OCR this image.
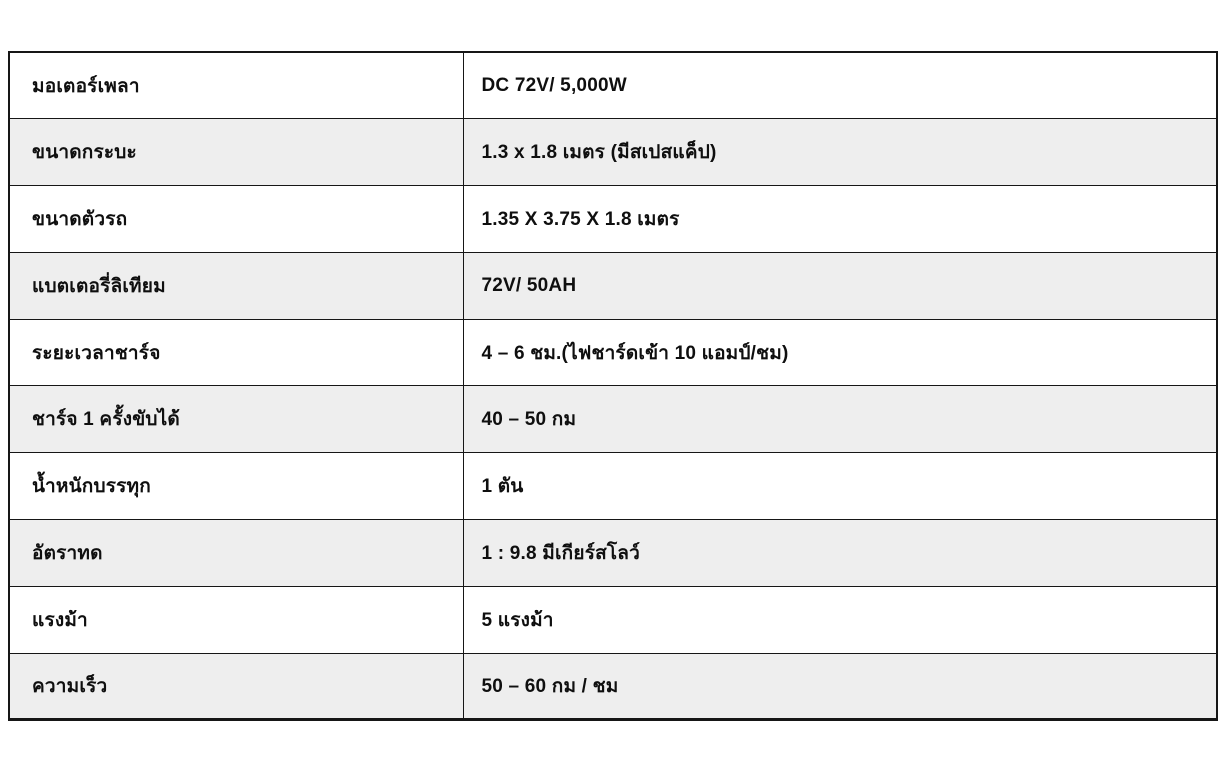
มอเตอร์เพลา	DC 72V/ 5,000W
ขนาดกระบะ	1.3 x 1.8 เมตร (มีสเปสแค็ป)
ขนาดตัวรถ	1.35 X 3.75 X 1.8 เมตร
แบตเตอรี่ลิเทียม	72V/ 50AH
ระยะเวลาชาร์จ	4 – 6 ชม.(ไฟชาร์ดเข้า 10 แอมป์/ชม)
ชาร์จ 1 ครั้งขับได้	40 – 50 กม
น้ำหนักบรรทุก	1 ตัน
อัตราทด	1 : 9.8 มีเกียร์สโลว์
แรงม้า	5 แรงม้า
ความเร็ว	50 – 60 กม / ชม
